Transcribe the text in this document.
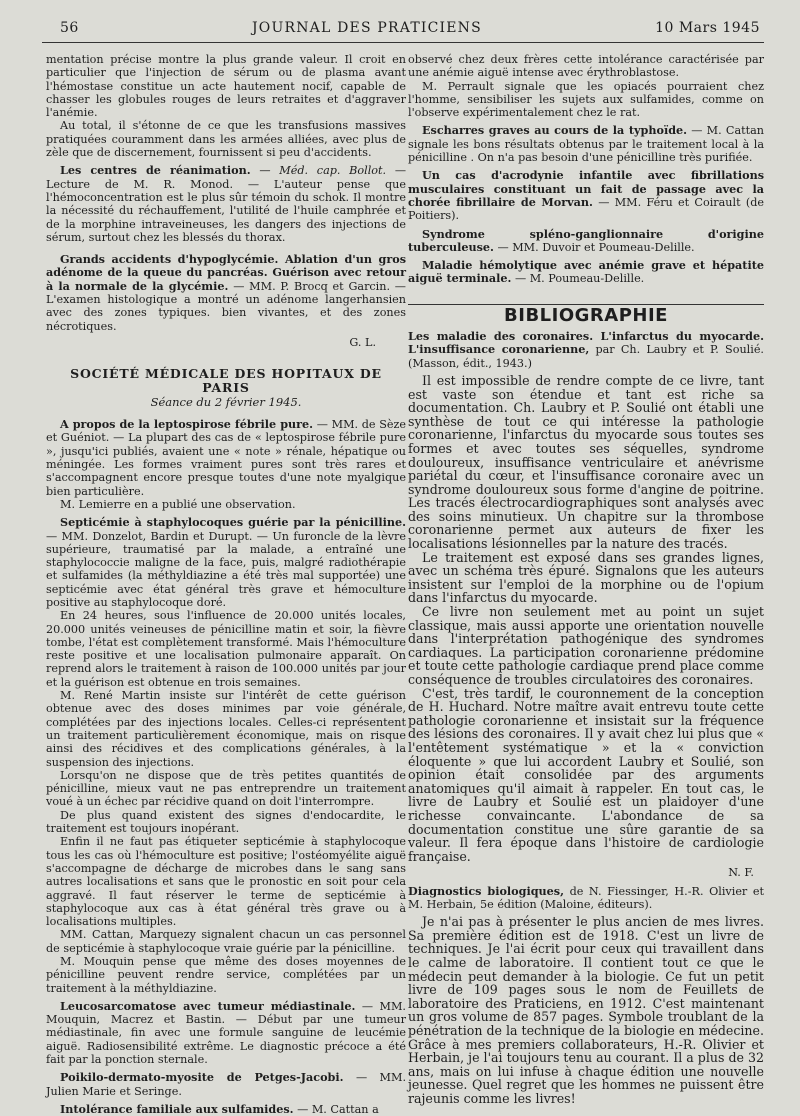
56	JOURNAL DES PRATICIENS	10 Mars 1945

mentation précise montre la plus grande valeur. Il croit en particulier que l'injection de sérum ou de plasma avant l'hémostase constitue un acte hautement nocif, capable de chasser les globules rouges de leurs retraites et d'aggraver l'anémie.

Au total, il s'étonne de ce que les transfusions massives pratiquées couramment dans les armées alliées, avec plus de zèle que de discernement, fournissent si peu d'accidents.

Les centres de réanimation. — Méd. cap. Bollot. — Lecture de M. R. Monod. — L'auteur pense que l'hémoconcentration est le plus sûr témoin du schok. Il montre la nécessité du réchauffement, l'utilité de l'huile camphrée et de la morphine intraveineuses, les dangers des injections de sérum, surtout chez les blessés du thorax.

Grands accidents d'hypoglycémie. Ablation d'un gros adénome de la queue du pancréas. Guérison avec retour à la normale de la glycémie. — MM. P. Brocq et Garcin. — L'examen histologique a montré un adénome langerhansien avec des zones typiques. bien vivantes, et des zones nécrotiques.

G. L.
SOCIÉTÉ MÉDICALE DES HOPITAUX DE PARIS
Séance du 2 février 1945.

A propos de la leptospirose fébrile pure. — MM. de Sèze et Guéniot. — La plupart des cas de « leptospirose fébrile pure », jusqu'ici publiés, avaient une « note » rénale, hépatique ou méningée. Les formes vraiment pures sont très rares et s'accompagnent encore presque toutes d'une note myalgique bien particulière.

M. Lemierre en a publié une observation.

Septicémie à staphylocoques guérie par la pénicilline. — MM. Donzelot, Bardin et Durupt. — Un furoncle de la lèvre supérieure, traumatisé par la malade, a entraîné une staphylococcie maligne de la face, puis, malgré radiothérapie et sulfamides (la méthyldiazine a été très mal supportée) une septicémie avec état général très grave et hémoculture positive au staphylocoque doré.

En 24 heures, sous l'influence de 20.000 unités locales, 20.000 unités veineuses de pénicilline matin et soir, la fièvre tombe, l'état est complètement transformé. Mais l'hémoculture reste positive et une localisation pulmonaire apparaît. On reprend alors le traitement à raison de 100.000 unités par jour et la guérison est obtenue en trois semaines.

M. René Martin insiste sur l'intérêt de cette guérison obtenue avec des doses minimes par voie générale, complétées par des injections locales. Celles-ci représentent un traitement particulièrement économique, mais on risque ainsi des récidives et des complications générales, à la suspension des injections.

Lorsqu'on ne dispose que de très petites quantités de pénicilline, mieux vaut ne pas entreprendre un traitement voué à un échec par récidive quand on doit l'interrompre.

De plus quand existent des signes d'endocardite, le traitement est toujours inopérant.

Enfin il ne faut pas étiqueter septicémie à staphylocoque tous les cas où l'hémoculture est positive; l'ostéomyélite aiguë s'accompagne de décharge de microbes dans le sang sans autres localisations et sans que le pronostic en soit pour cela aggravé. Il faut réserver le terme de septicémie à staphylocoque aux cas à état général très grave ou à localisations multiples.

MM. Cattan, Marquezy signalent chacun un cas personnel de septicémie à staphylocoque vraie guérie par la pénicilline.

M. Mouquin pense que même des doses moyennes de pénicilline peuvent rendre service, complétées par un traitement à la méthyldiazine.

Leucosarcomatose avec tumeur médiastinale. — MM. Mouquin, Macrez et Bastin. — Début par une tumeur médiastinale, fin avec une formule sanguine de leucémie aiguë. Radiosensibilité extrême. Le diagnostic précoce a été fait par la ponction sternale.

Poikilo-dermato-myosite de Petges-Jacobi. — MM. Julien Marie et Seringe.

Intolérance familiale aux sulfamides. — M. Cattan a

observé chez deux frères cette intolérance caractérisée par une anémie aiguë intense avec érythroblastose.

M. Perrault signale que les opiacés pourraient chez l'homme, sensibiliser les sujets aux sulfamides, comme on l'observe expérimentalement chez le rat.

Escharres graves au cours de la typhoïde. — M. Cattan signale les bons résultats obtenus par le traitement local à la pénicilline . On n'a pas besoin d'une pénicilline très purifiée.

Un cas d'acrodynie infantile avec fibrillations musculaires constituant un fait de passage avec la chorée fibrillaire de Morvan. — MM. Féru et Coirault (de Poitiers).

Syndrome spléno-ganglionnaire d'origine tuberculeuse. — MM. Duvoir et Poumeau-Delille.

Maladie hémolytique avec anémie grave et hépatite aiguë terminale. — M. Poumeau-Delille.

BIBLIOGRAPHIE

Les maladie des coronaires. L'infarctus du myocarde. L'insuffisance coronarienne, par Ch. Laubry et P. Soulié. (Masson, édit., 1943.)

Il est impossible de rendre compte de ce livre, tant est vaste son étendue et tant est riche sa documentation. Ch. Laubry et P. Soulié ont établi une synthèse de tout ce qui intéresse la pathologie coronarienne, l'infarctus du myocarde sous toutes ses formes et avec toutes ses séquelles, syndrome douloureux, insuffisance ventriculaire et anévrisme pariétal du cœur, et l'insuffisance coronaire avec un syndrome douloureux sous forme d'angine de poitrine. Les tracés électrocardiographiques sont analysés avec des soins minutieux. Un chapitre sur la thrombose coronarienne permet aux auteurs de fixer les localisations lésionnelles par la nature des tracés.

Le traitement est exposé dans ses grandes lignes, avec un schéma très épuré. Signalons que les auteurs insistent sur l'emploi de la morphine ou de l'opium dans l'infarctus du myocarde.

Ce livre non seulement met au point un sujet classique, mais aussi apporte une orientation nouvelle dans l'interprétation pathogénique des syndromes cardiaques. La participation coronarienne prédomine et toute cette pathologie cardiaque prend place comme conséquence de troubles circulatoires des coronaires.

C'est, très tardif, le couronnement de la conception de H. Huchard. Notre maître avait entrevu toute cette pathologie coronarienne et insistait sur la fréquence des lésions des coronaires. Il y avait chez lui plus que « l'entêtement systématique » et la « conviction éloquente » que lui accordent Laubry et Soulié, son opinion était consolidée par des arguments anatomiques qu'il aimait à rappeler. En tout cas, le livre de Laubry et Soulié est un plaidoyer d'une richesse convaincante. L'abondance de sa documentation constitue une sûre garantie de sa valeur. Il fera époque dans l'histoire de cardiologie française.

N. F.

Diagnostics biologiques, de N. Fiessinger, H.-R. Olivier et M. Herbain, 5e édition (Maloine, éditeurs).

Je n'ai pas à présenter le plus ancien de mes livres. Sa première édition est de 1918. C'est un livre de techniques. Je l'ai écrit pour ceux qui travaillent dans le calme de laboratoire. Il contient tout ce que le médecin peut demander à la biologie. Ce fut un petit livre de 109 pages sous le nom de Feuillets de laboratoire des Praticiens, en 1912. C'est maintenant un gros volume de 857 pages. Symbole troublant de la pénétration de la technique de la biologie en médecine. Grâce à mes premiers collaborateurs, H.-R. Olivier et Herbain, je l'ai toujours tenu au courant. Il a plus de 32 ans, mais on lui infuse à chaque édition une nouvelle jeunesse. Quel regret que les hommes ne puissent être rajeunis comme les livres!
